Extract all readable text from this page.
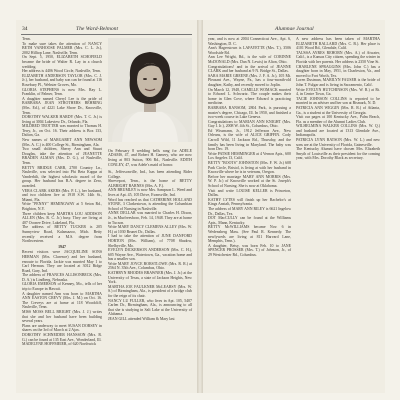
34	The Ward-Belmont

Tenn.

To make sure takes the attention of NANCY BETH VANHOOSE PALMER (Mrs. C. L. Jr.), 2002 Hilltop Lane, Nashville, Tenn.

On Sept. 5, 1950, ELIZABETH SCHOFIELD became the bride of Walter R. Lay in a church wedding.

Her address is 4406 Wood Circle, Nashville, Tenn.

ELIZABETH ANDERSON TAYLOR (Mrs. C. J. Jr.), her husband, and baby son can be found at 116 Rosebury Pl., Webster Groves, Mo.

GLORIA STEPHENS is now Mrs. Ray L. Franklin, of Palmer, Tenn.

A daughter named Cheryl Lee is the pride of BARBARA JEAN STROTHERS BEHRING (Mrs. Ed.), of 4221 Lake Shore Dr., Knoxville, Tenn.

DOROTHY WALKER HARDY (Mrs. T. C. Jr.) is living at 3004 Lakeview Dr., Orlando, Fla.

MILDRED TROTTER was married to Thomas H. Terry, Jr., on Oct. 16. Their address is Box 133, Dalton, Ga.

New names of MARGARET ANN NEWSOM (Mrs. A. C.) is 400 College St., Birmingham, Ala.

Two small children, Sherry Ann and Stuart Douglas, take the attention of JEANETTE BRADEN ALMAN (Mrs. D. G.), of Nashville, Tenn.

BETTY BRIDGE CARR, 2700 Country Ln., Nashville, was selected into Phi Beta Kappa at Vanderbilt, the highest scholastic award of the group. Her husband has B.A. degree in Zero, awarded.

VERA CLARK AKERS (Mrs. P. L.), her husband, and two children live at 1918 S.W. 14th St., Miami, Fla.

Write "PENNY" HEMINGWAY at 5 Seton Rd., Brighton, N.Y.

Three children keep MARTHA LOU ADDISON ALLEN (Mrs. R. C. Jr.) busy. They are living at 407 Oconee Drive, Lakeland, Fla.

The address of BETTY TUCKER is 205 Sunnyview Road, Kalamazoo, Mich. Betty recently received a M.S. degree from Northwestern.

1947

Recent visitors were JACQUELINE SONS HERMAN (Mrs. Clarence) and her husband, enroute to Florida. Jackie was married May 1 to Carl Herman. They are located at 3012 Ridge Road, Gary, Ind.

The address of FRANCES ALLISONBECK (Mrs. D. A.) is Lindberg, Nebraska.

GLORIA EMERSON of Kenney, Mo., tells of her trip to Europe in Hawaii.

A daughter named Ann was born to MARTHA ANN EASTON CREVY (Mrs. J. M.) on Oct. 16. The Creveys are at home at 118 Woodcliff, Nashville, Tenn.

MISS MOSS BELL BRIGHT (Mrs. J. J.) writes that she and her husband have been building several years.

Plans are underway to meet SUSAN DORSEY in shares on the 3rd of March at 2 Ajax.

DOROTHY SCHNEIDER HANSSON (Mrs. R. G.) can be found at 135 East Ave., Wonderland, Ill.

MADELYNE HOFFMEIER, of 620 Northwick

On February 8 wedding bells rang for ADELE ADAMS, 47, and Robert H. Gamery, who are now living at 803 Sutton, 906 Rd., Nashville. EDITH CONLEY, 47, was Adele's maid of honor.

St., Jeffersonville, Ind., has been attending Rider College.

Shreveport, Tenn., is the home of BETTY ALBRIGHT BARNES (Mrs. A. F.).

ANN BRUMLEY is now Mrs. Sampson L. Weed and lives at Apt. 45, 105 Drive, Evansville, Ind.

Word has reached us that CATHERINE HOLLAND STONE, 3 Clarkestown, is attending the Columbian School of Nursing in Nashville.

ANNE DELLAR was married to Charles H. Dixon, Jr., in Murfreesboro, Feb. 14, 1948. They are at home in Tucson.

Write MARY DANCY CLEMENS ALLEY (Mrs. W. H.) at 1030 Brunet Dr., Dallas.

I had to take the attention of JUNE DANFORD HORTON (Mrs. William), of 7708 Shadow, Shelbyville, Mo.

EVELYN DICKERSON ANDERSON (Mrs. C. H.), 605 Wayne Ave., Watertown, Ga., vacation home and has a smaller son.

Write MARY JOYCE BORSTLOWE (Mrs. R. R.) at 2564 N. 35th Ave., Columbus, Ohio.

KATHRYN RHODES BRAWNER (Mrs. J. Jr.) at the University of Texas, a state of Jackson Heights, New York.

MARTHA JOE FAULKNER McLEARSY (Mrs. W. S.) of Birmingham, Ala., is president of a bridge club for the reign of its chair.

NANCY LU FULLER, who lives in Apt. 105, 5407 Carlen Dr., Birmingham, Ala., is announcing to all that she is studying in Salt Lake at the University of Alabama.

JEAN GILL attended William & Mary last

Alumnae Journal

year, and is now at 2004 Connecticut Ave., Apt. 6, Washington, D. C.

Ann's Hagerstown is LAFAYETTE (Mrs. T.), 3506 Woodside Rd.

Ann Lee Wright, Rd., is the wife of CORINNE McDONALD (Mrs. Dan N. Lewis) in Alton, Ohio.

Congratulations! and in the arrival of JEANNE CLARK and her husband at 9 N. Bridge St., Dallas.

SARA MARIE GREENE (Mrs. J. F. A. Jr.), 105 Mt. Pleasant Ave., Wayne, Pa., has a four-month-old daughter, Kathy, and recently moved to Joplin.

On March 12, 1948, CAMILLE WOMACK married to Edward L. Schwartz. The couple makes their home in Glen Cove, where Edward is practicing medicine.

BARBARA RANSOM, 2804 Park, is pursuing a master's degree, Chicago, Ill. In 1950, and finished a two-week course in Lake Geneva.

Congratulations to MARIAN ANN KNIGHT (Mrs. Guy I. Jr.), 2008 W. 4th St., Columbus, Ohio.

Ed Wissmann, Jr., 1912 Jefferson Ave., New Orleans, is the wife of ALICE GRIFFIN. Cody Carroll Wild, 11 Jackson Rd., Thursday, and the family has been living in Maryland. The baby was born Dec. 19.

Write PATSIE HEMMINGER at 4 Vernon Apts., 600 Los Angeles 13, Calif.

BETTY "BOOTS" JOHNSTON (Mrs. F. W. Jr.) 608 Park Circle, Bristol, is living at with her husband in Knoxville where he is in veterans, Oregon.

Before her marriage MARY ANN MORRIS (Mrs. W. P. Jr.) of Knoxville worked at the St. Joseph's School of Nursing. She is now at Oklahoma.

Visit and write LOUISE KELLER is Princeton, Dallas.

KATHY LYTES will finish up her Bachelor's at Kings Anstalt, Pennsylvania.

The address of MARY ANN RILEY is 6621 Ingelow Dr., Dallas, Tex.

DOT MacCULLY can be found at the Williams Apts., Mann, Kentucky.

BETTY McWILLIAMS became Nov. 6 in Wedensberg Mass. (See Paul R. Kennedy. The newlyweds are living at 811 Harvard Lane, Memphis, Tenn.).

A daughter, Betsy, was born Feb. 10 to JANE SPENCER PROSSER (Mrs. T.) of Johnson, Jr., of 29 Westchester Rd., Columbus.

A new address has been taken of MARTHA ELIZABETH BALLARD (Mrs. C. B.). Her place is 4101 Wood Rd., Glendale, Calif.

TAUSSA AYRES REHORN (Mrs. A.) of Atwater, Calif., is a Kansas City citizen, spending the winter in Florida with her parents. Her address is 2350 Vine St.

CHARLENE SPRAGGINS (Mrs. John C.) has a daughter born in May, 1951, in Charleston, Va., and moved to Fort Worth, Tex.

Loren Dustman, MARILYN FAUSER is the bride of John T. Fulgar and is living in Sacramento, Calif.

Write EVELYN HUTCHINSON (Mrs. W. R.) at Rt. 4, in Centre Town, Ga.

TACIE JOHNSON COLLINS is reported to be married in an adviser and her son at Bismark, N. D.

PATRICIA ANN WIGGIN (Mrs. R. R.) of Atlanta, Ga., is a student at the University of Georgia.

Visit our pages at 100 Kentucky Ave., Palm Beach, Fla. as a member of the Alumni Ladies Club.

WILHELMINA WALKER COLLINS (Mrs. W. Q.) and husband are located at 1313 Glendale Ave., Indianapolis.

PATRICIA LYNN BATSON (Mrs. W. L.) and new sons are at the University of Florida, Gainesville.

The Kentucky Alumni have chosen Mrs. Elizabeth Smyth of Louisville as their president for the coming year, with Mrs. Dorothy Black as secretary.
